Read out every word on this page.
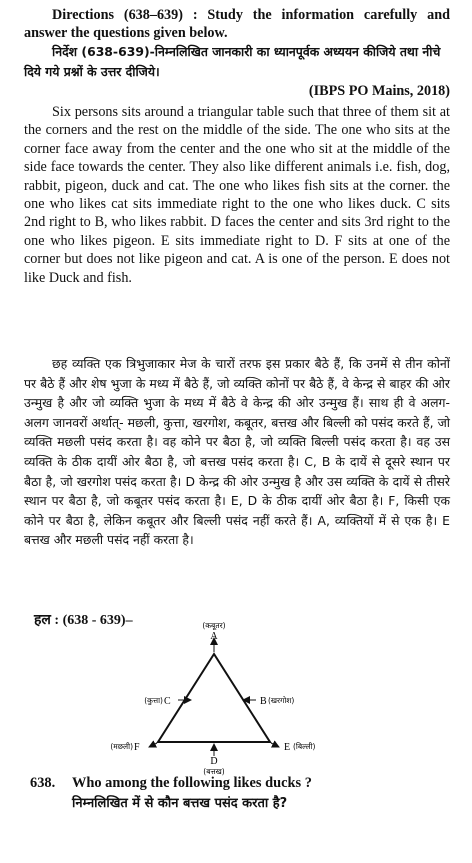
Directions (638–639) : Study the information carefully and answer the questions given below.
निर्देश (638-639)-निम्नलिखित जानकारी का ध्यानपूर्वक अध्ययन कीजिये तथा नीचे दिये गये प्रश्नों के उत्तर दीजिये।
(IBPS PO Mains, 2018)
Six persons sits around a triangular table such that three of them sit at the corners and the rest on the middle of the side. The one who sits at the corner face away from the center and the one who sit at the middle of the side face towards the center. They also like different animals i.e. fish, dog, rabbit, pigeon, duck and cat. The one who likes fish sits at the corner. the one who likes cat sits immediate right to the one who likes duck. C sits 2nd right to B, who likes rabbit. D faces the center and sits 3rd right to the one who likes pigeon. E sits immediate right to D. F sits at one of the corner but does not like pigeon and cat. A is one of the person. E does not like Duck and fish.
छह व्यक्ति एक त्रिभुजाकार मेज के चारों तरफ इस प्रकार बैठे हैं, कि उनमें से तीन कोनों पर बैठे हैं और शेष भुजा के मध्य में बैठे हैं, जो व्यक्ति कोनों पर बैठे हैं, वे केन्द्र से बाहर की ओर उन्मुख है और जो व्यक्ति भुजा के मध्य में बैठे वे केन्द्र की ओर उन्मुख हैं। साथ ही वे अलग-अलग जानवरों अर्थात्- मछली, कुत्ता, खरगोश, कबूतर, बत्तख और बिल्ली को पसंद करते हैं, जो व्यक्ति मछली पसंद करता है। वह कोने पर बैठा है, जो व्यक्ति बिल्ली पसंद करता है। वह उस व्यक्ति के ठीक दायीं ओर बैठा है, जो बत्तख पसंद करता है। C, B के दायें से दूसरे स्थान पर बैठा है, जो खरगोश पसंद करता है। D केन्द्र की ओर उन्मुख है और उस व्यक्ति के दायें से तीसरे स्थान पर बैठा है, जो कबूतर पसंद करता है। E, D के ठीक दायीं ओर बैठा है। F, किसी एक कोने पर बैठा है, लेकिन कबूतर और बिल्ली पसंद नहीं करते हैं। A, व्यक्तियों में से एक है। E बत्तख और मछली पसंद नहीं करता है।
हल : (638 - 639)–	(कबूतर)
A
(कुत्ता) C	B (खरगोश)
(मछली) F
D
(बत्तख)
E (बिल्ली)
638. Who among the following likes ducks ?
निम्नलिखित में से कौन बत्तख पसंद करता है?
